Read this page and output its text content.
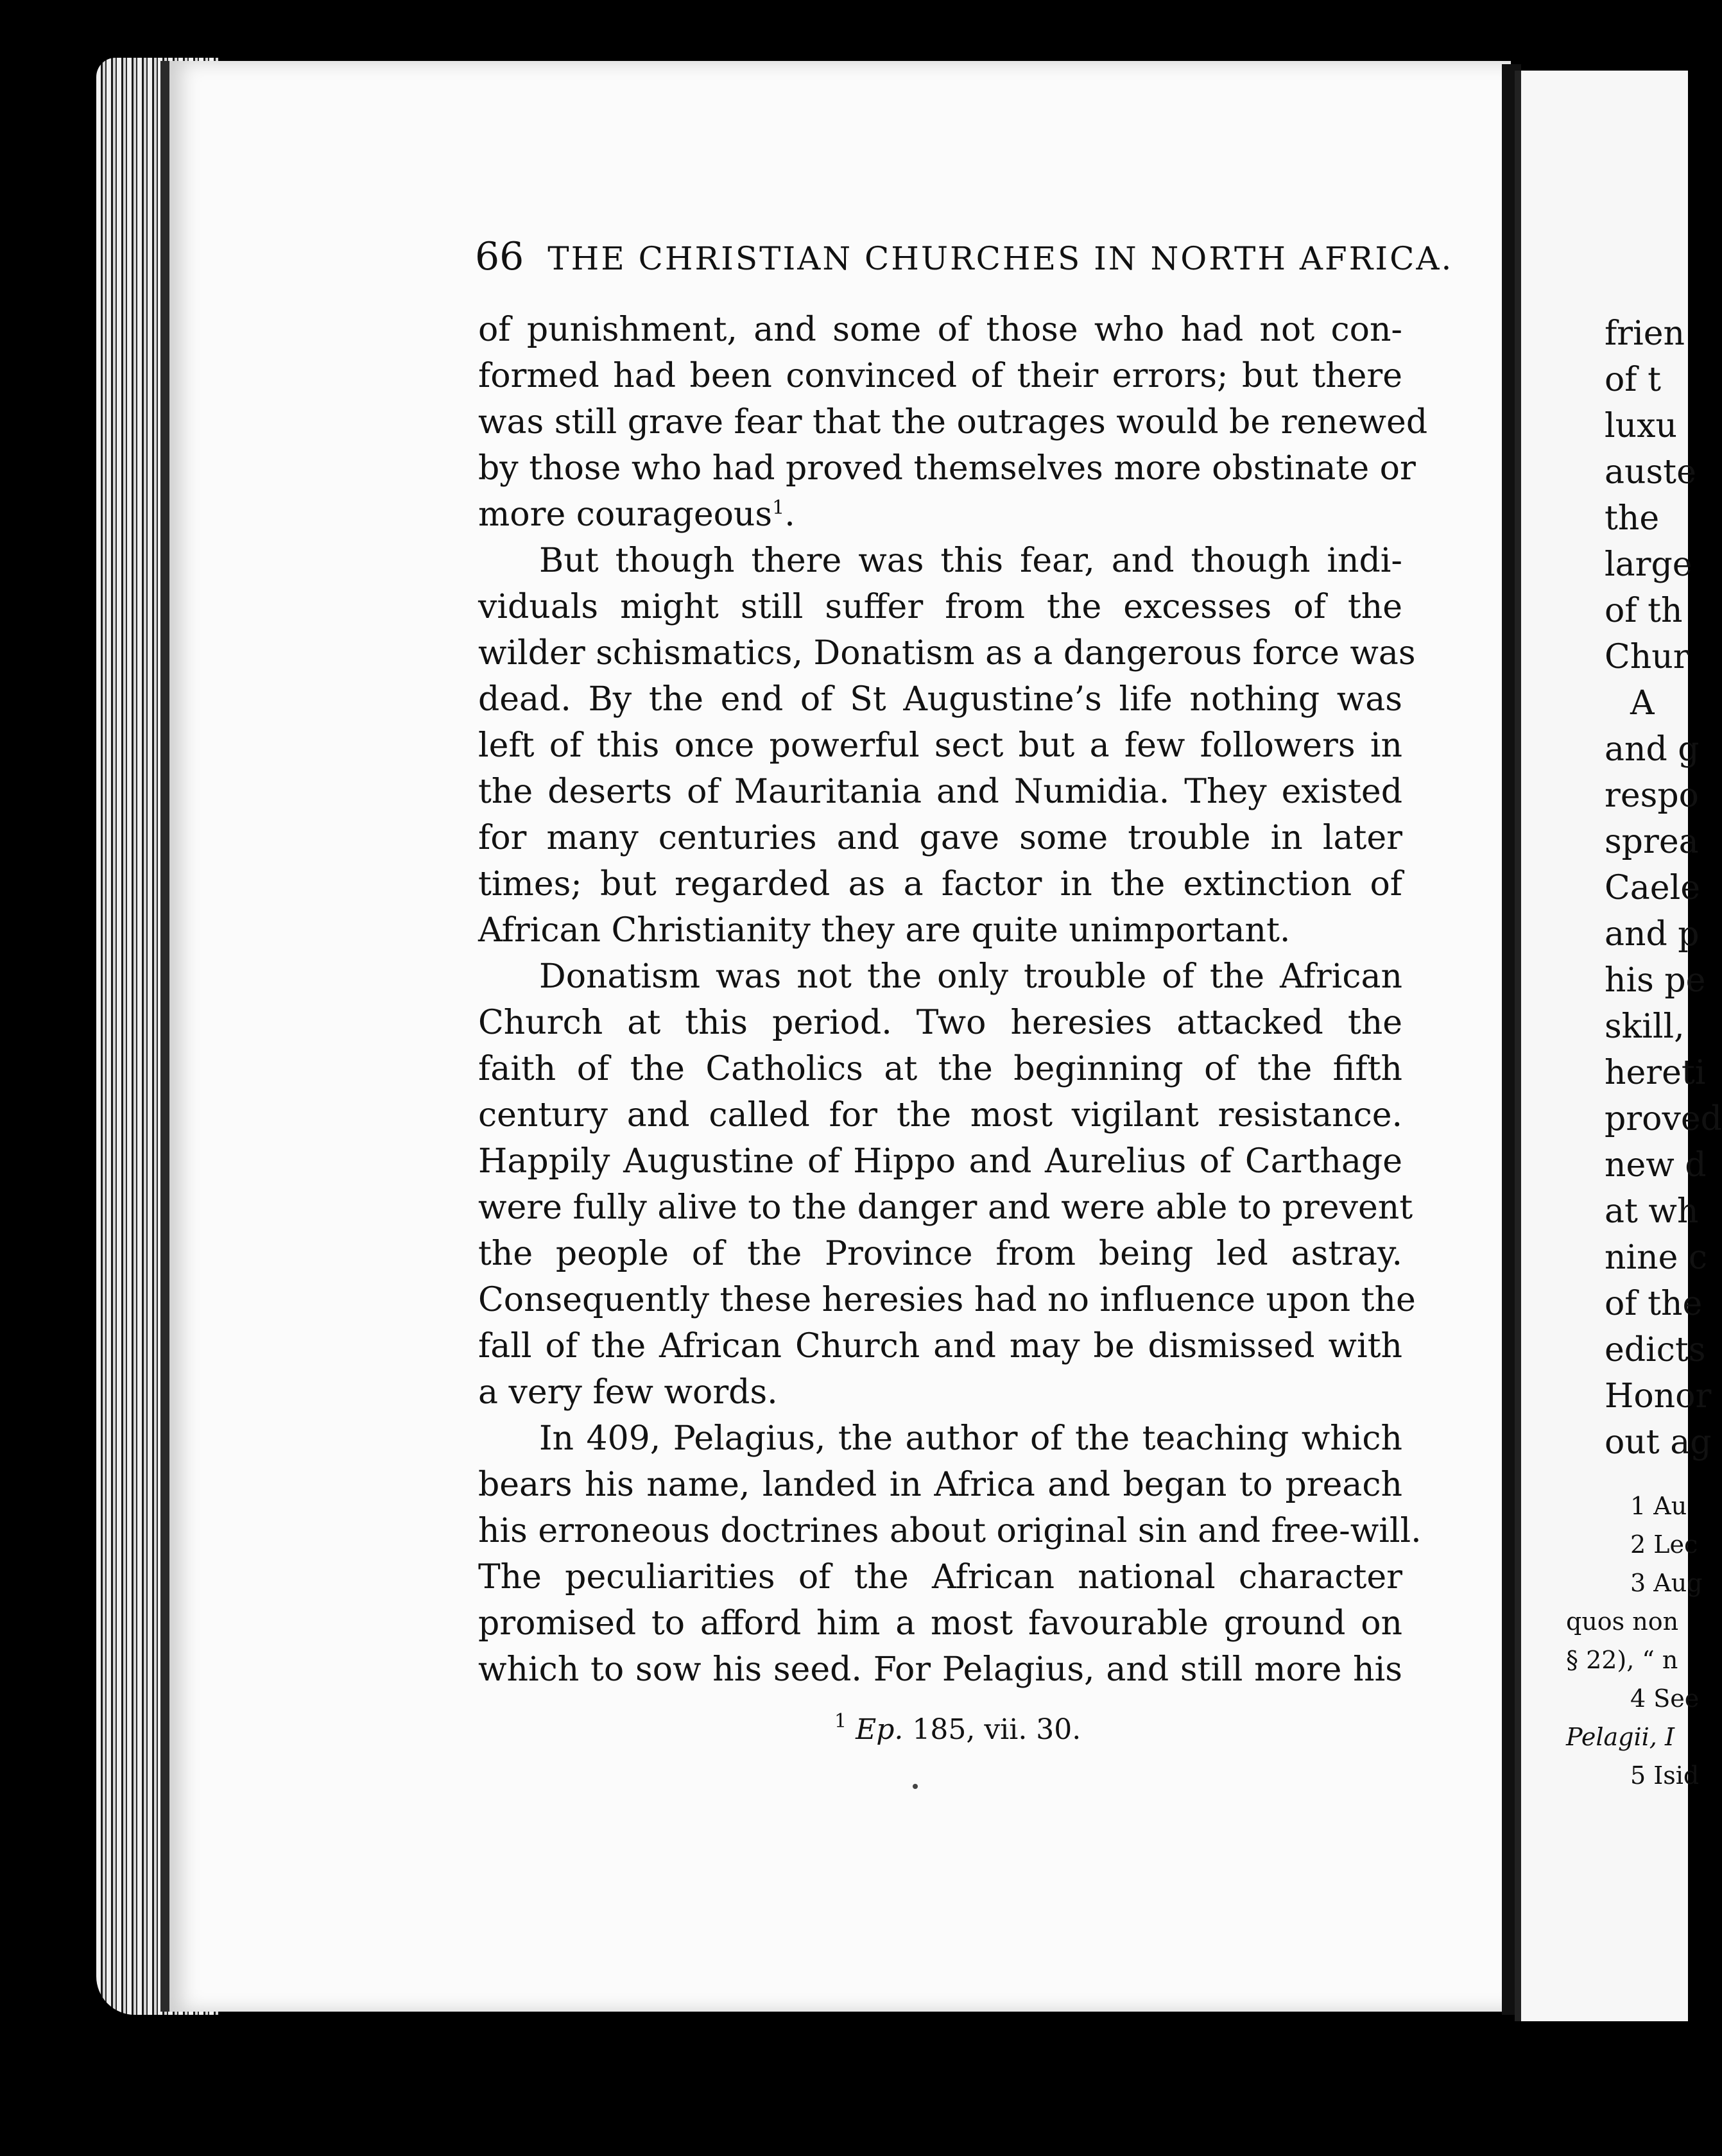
66 THE CHRISTIAN CHURCHES IN NORTH AFRICA.
of punishment, and some of those who had not con-
formed had been convinced of their errors; but there
was still grave fear that the outrages would be renewed
by those who had proved themselves more obstinate or
more courageous$^1$.
But though there was this fear, and though indi-
viduals might still suffer from the excesses of the
wilder schismatics, Donatism as a dangerous force was
dead. By the end of St Augustine’s life nothing was
left of this once powerful sect but a few followers in
the deserts of Mauritania and Numidia. They existed
for many centuries and gave some trouble in later
times; but regarded as a factor in the extinction of
African Christianity they are quite unimportant.
Donatism was not the only trouble of the African
Church at this period. Two heresies attacked the
faith of the Catholics at the beginning of the fifth
century and called for the most vigilant resistance.
Happily Augustine of Hippo and Aurelius of Carthage
were fully alive to the danger and were able to prevent
the people of the Province from being led astray.
Consequently these heresies had no influence upon the
fall of the African Church and may be dismissed with
a very few words.
In 409, Pelagius, the author of the teaching which
bears his name, landed in Africa and began to preach
his erroneous doctrines about original sin and free-will.
The peculiarities of the African national character
promised to afford him a most favourable ground on
which to sow his seed. For Pelagius, and still more his
$^1$ Ep. 185, vii. 30.
frien
of t
luxu
auste
the
large
of th
Chur
A
and g
respo
sprea
Caele
and p
his pe
skill,
hereti
proved
new d
at wh
nine c
of the
edicts
Honor
out ag
1 Au
2 Lec
3 Aug
quos non
§ 22), “ n
4 See
Pelagii, I
5 Isid
